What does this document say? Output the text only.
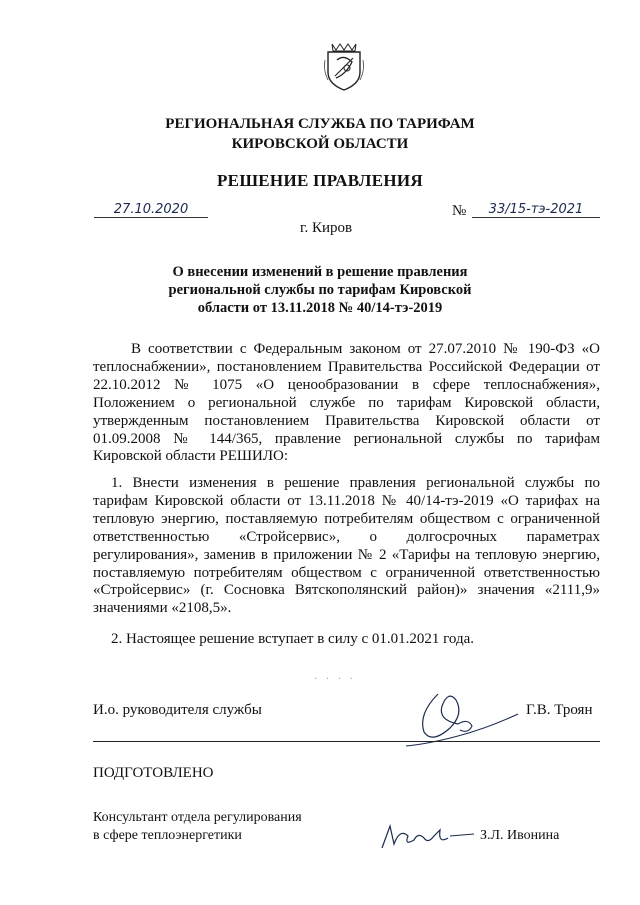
РЕГИОНАЛЬНАЯ СЛУЖБА ПО ТАРИФАМ
КИРОВСКОЙ ОБЛАСТИ
РЕШЕНИЕ ПРАВЛЕНИЯ
27.10.2020	№	33/15-тэ-2021
г. Киров
О внесении изменений в решение правления
региональной службы по тарифам Кировской
области от 13.11.2018 № 40/14-тэ-2019
В соответствии с Федеральным законом от 27.07.2010 № 190-ФЗ «О теплоснабжении», постановлением Правительства Российской Федерации от 22.10.2012 № 1075 «О ценообразовании в сфере теплоснабжения», Положением о региональной службе по тарифам Кировской области, утвержденным постановлением Правительства Кировской области от 01.09.2008 № 144/365, правление региональной службы по тарифам Кировской области РЕШИЛО:
1. Внести изменения в решение правления региональной службы по тарифам Кировской области от 13.11.2018 № 40/14-тэ-2019 «О тарифах на тепловую энергию, поставляемую потребителям обществом с ограниченной ответственностью «Стройсервис», о долгосрочных параметрах регулирования», заменив в приложении № 2 «Тарифы на тепловую энергию, поставляемую потребителям обществом с ограниченной ответственностью «Стройсервис» (г. Сосновка Вятскополянский район)» значения «2111,9» значениями «2108,5».
2. Настоящее решение вступает в силу с 01.01.2021 года.
· · · ·
И.о. руководителя службы	Г.В. Троян
ПОДГОТОВЛЕНО
Консультант отдела регулирования
в сфере теплоэнергетики	З.Л. Ивонина
